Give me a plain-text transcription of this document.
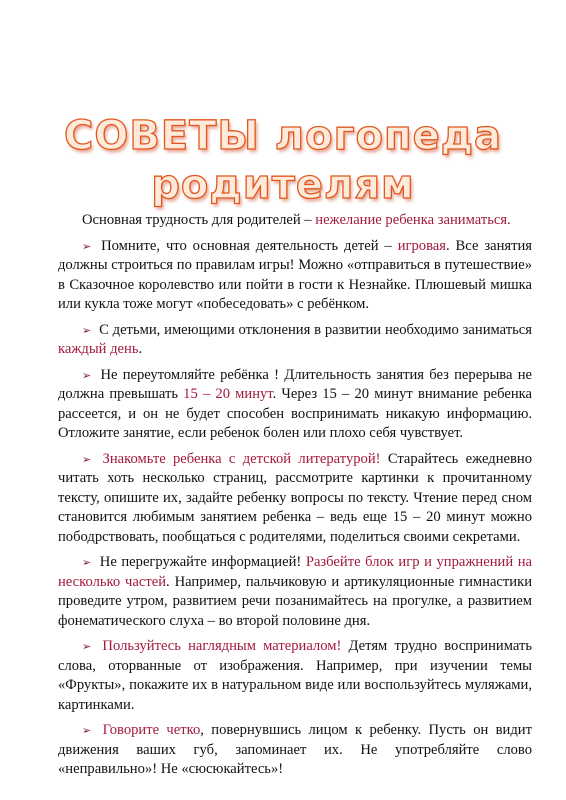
СОВЕТЫ логопеда
родителям

Основная трудность для родителей – нежелание ребенка заниматься.

➢ Помните, что основная деятельность детей – игровая. Все занятия должны строиться по правилам игры! Можно «отправиться в путешествие» в Сказочное королевство или пойти в гости к Незнайке. Плюшевый мишка или кукла тоже могут «побеседовать» с ребёнком.

➢ С детьми, имеющими отклонения в развитии необходимо заниматься каждый день.

➢ Не переутомляйте ребёнка ! Длительность занятия без перерыва не должна превышать 15 – 20 минут. Через 15 – 20 минут внимание ребенка рассеется, и он не будет способен воспринимать никакую информацию. Отложите занятие, если ребенок болен или плохо себя чувствует.

➢ Знакомьте ребенка с детской литературой! Старайтесь ежедневно читать хоть несколько страниц, рассмотрите картинки к прочитанному тексту, опишите их, задайте ребенку вопросы по тексту. Чтение перед сном становится любимым занятием ребенка – ведь еще 15 – 20 минут можно пободрствовать, пообщаться с родителями, поделиться своими секретами.

➢ Не перегружайте информацией! Разбейте блок игр и упражнений на несколько частей. Например, пальчиковую и артикуляционные гимнастики проведите утром, развитием речи позанимайтесь на прогулке, а развитием фонематического слуха – во второй половине дня.

➢ Пользуйтесь наглядным материалом! Детям трудно воспринимать слова, оторванные от изображения. Например, при изучении темы «Фрукты», покажите их в натуральном виде или воспользуйтесь муляжами, картинками.

➢ Говорите четко, повернувшись лицом к ребенку. Пусть он видит движения ваших губ, запоминает их. Не употребляйте слово «неправильно»! Не «сюсюкайтесь»!
